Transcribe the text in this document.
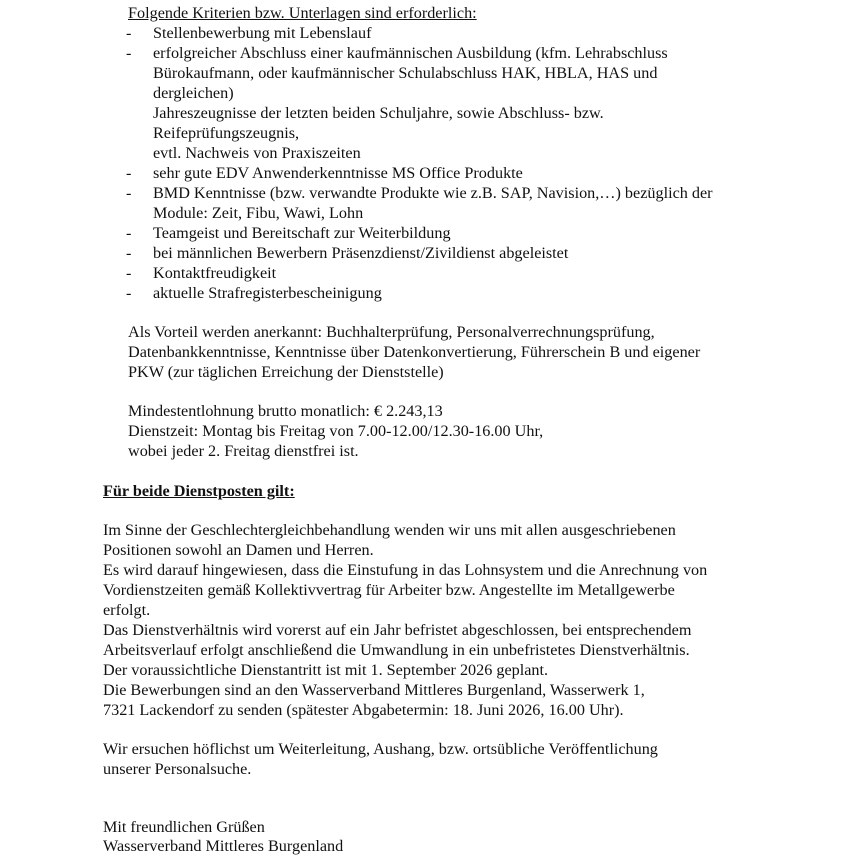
Folgende Kriterien bzw. Unterlagen sind erforderlich:
- Stellenbewerbung mit Lebenslauf
- erfolgreicher Abschluss einer kaufmännischen Ausbildung (kfm. Lehrabschluss
Bürokaufmann, oder kaufmännischer Schulabschluss HAK, HBLA, HAS und
dergleichen)
Jahreszeugnisse der letzten beiden Schuljahre, sowie Abschluss- bzw.
Reifeprüfungszeugnis,
evtl. Nachweis von Praxiszeiten
- sehr gute EDV Anwenderkenntnisse MS Office Produkte
- BMD Kenntnisse (bzw. verwandte Produkte wie z.B. SAP, Navision,…) bezüglich der
Module: Zeit, Fibu, Wawi, Lohn
- Teamgeist und Bereitschaft zur Weiterbildung
- bei männlichen Bewerbern Präsenzdienst/Zivildienst abgeleistet
- Kontaktfreudigkeit
- aktuelle Strafregisterbescheinigung
Als Vorteil werden anerkannt: Buchhalterprüfung, Personalverrechnungsprüfung,
Datenbankkenntnisse, Kenntnisse über Datenkonvertierung, Führerschein B und eigener
PKW (zur täglichen Erreichung der Dienststelle)
Mindestentlohnung brutto monatlich: € 2.243,13
Dienstzeit: Montag bis Freitag von 7.00-12.00/12.30-16.00 Uhr,
wobei jeder 2. Freitag dienstfrei ist.
Für beide Dienstposten gilt:
Im Sinne der Geschlechtergleichbehandlung wenden wir uns mit allen ausgeschriebenen
Positionen sowohl an Damen und Herren.
Es wird darauf hingewiesen, dass die Einstufung in das Lohnsystem und die Anrechnung von
Vordienstzeiten gemäß Kollektivvertrag für Arbeiter bzw. Angestellte im Metallgewerbe
erfolgt.
Das Dienstverhältnis wird vorerst auf ein Jahr befristet abgeschlossen, bei entsprechendem
Arbeitsverlauf erfolgt anschließend die Umwandlung in ein unbefristetes Dienstverhältnis.
Der voraussichtliche Dienstantritt ist mit 1. September 2026 geplant.
Die Bewerbungen sind an den Wasserverband Mittleres Burgenland, Wasserwerk 1,
7321 Lackendorf zu senden (spätester Abgabetermin: 18. Juni 2026, 16.00 Uhr).
Wir ersuchen höflichst um Weiterleitung, Aushang, bzw. ortsübliche Veröffentlichung
unserer Personalsuche.
Mit freundlichen Grüßen
Wasserverband Mittleres Burgenland
